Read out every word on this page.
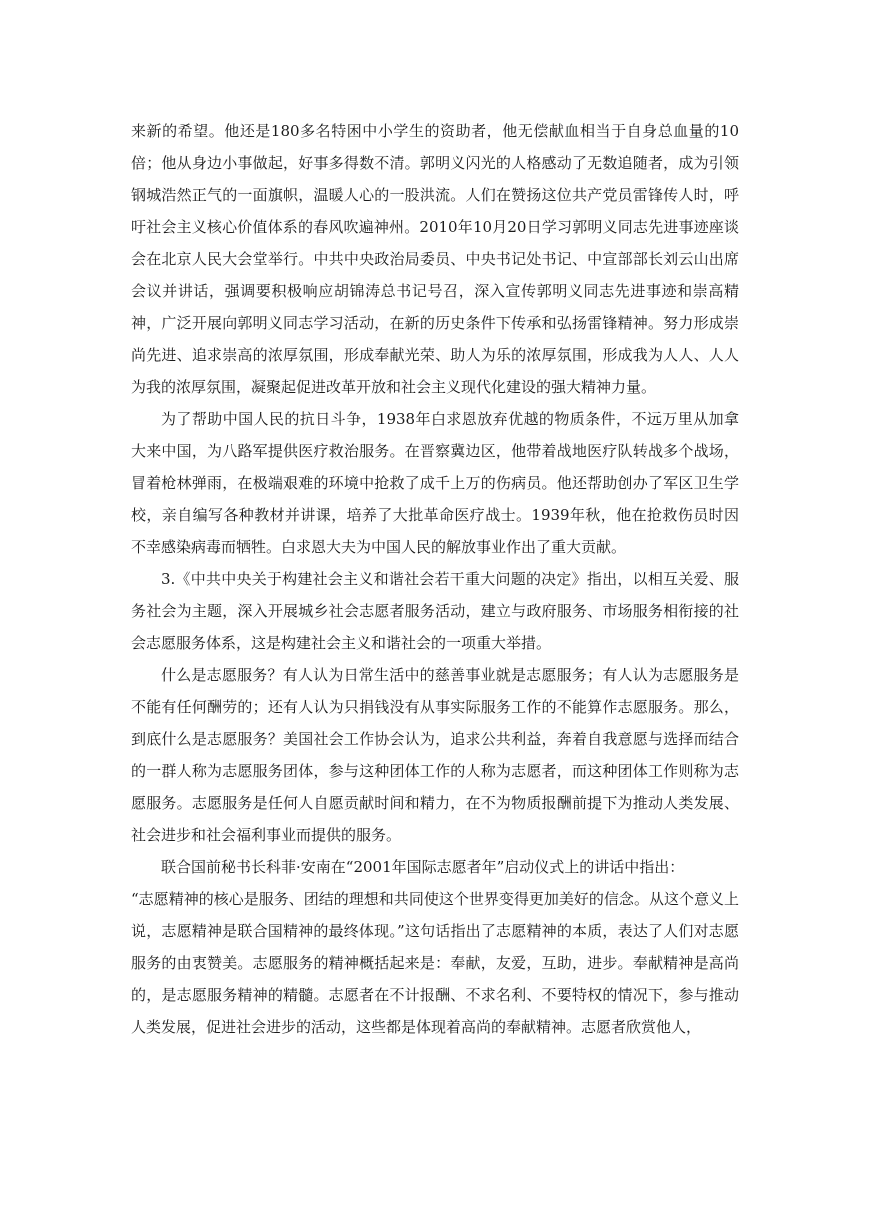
来新的希望。他还是180多名特困中小学生的资助者，他无偿献血相当于自身总血量的10倍；他从身边小事做起，好事多得数不清。郭明义闪光的人格感动了无数追随者，成为引领钢城浩然正气的一面旗帜，温暖人心的一股洪流。人们在赞扬这位共产党员雷锋传人时，呼吁社会主义核心价值体系的春风吹遍神州。2010年10月20日学习郭明义同志先进事迹座谈会在北京人民大会堂举行。中共中央政治局委员、中央书记处书记、中宣部部长刘云山出席会议并讲话，强调要积极响应胡锦涛总书记号召，深入宣传郭明义同志先进事迹和崇高精神，广泛开展向郭明义同志学习活动，在新的历史条件下传承和弘扬雷锋精神。努力形成崇尚先进、追求崇高的浓厚氛围，形成奉献光荣、助人为乐的浓厚氛围，形成我为人人、人人为我的浓厚氛围，凝聚起促进改革开放和社会主义现代化建设的强大精神力量。

为了帮助中国人民的抗日斗争，1938年白求恩放弃优越的物质条件，不远万里从加拿大来中国，为八路军提供医疗救治服务。在晋察冀边区，他带着战地医疗队转战多个战场，冒着枪林弹雨，在极端艰难的环境中抢救了成千上万的伤病员。他还帮助创办了军区卫生学校，亲自编写各种教材并讲课，培养了大批革命医疗战士。1939年秋，他在抢救伤员时因不幸感染病毒而牺牲。白求恩大夫为中国人民的解放事业作出了重大贡献。

3.《中共中央关于构建社会主义和谐社会若干重大问题的决定》指出，以相互关爱、服务社会为主题，深入开展城乡社会志愿者服务活动，建立与政府服务、市场服务相衔接的社会志愿服务体系，这是构建社会主义和谐社会的一项重大举措。

什么是志愿服务？有人认为日常生活中的慈善事业就是志愿服务；有人认为志愿服务是不能有任何酬劳的；还有人认为只捐钱没有从事实际服务工作的不能算作志愿服务。那么，到底什么是志愿服务？美国社会工作协会认为，追求公共利益，奔着自我意愿与选择而结合的一群人称为志愿服务团体，参与这种团体工作的人称为志愿者，而这种团体工作则称为志愿服务。志愿服务是任何人自愿贡献时间和精力，在不为物质报酬前提下为推动人类发展、社会进步和社会福利事业而提供的服务。

联合国前秘书长科菲·安南在“2001年国际志愿者年”启动仪式上的讲话中指出：

“志愿精神的核心是服务、团结的理想和共同使这个世界变得更加美好的信念。从这个意义上说，志愿精神是联合国精神的最终体现。”这句话指出了志愿精神的本质，表达了人们对志愿服务的由衷赞美。志愿服务的精神概括起来是：奉献，友爱，互助，进步。奉献精神是高尚的，是志愿服务精神的精髓。志愿者在不计报酬、不求名利、不要特权的情况下，参与推动人类发展，促进社会进步的活动，这些都是体现着高尚的奉献精神。志愿者欣赏他人，
